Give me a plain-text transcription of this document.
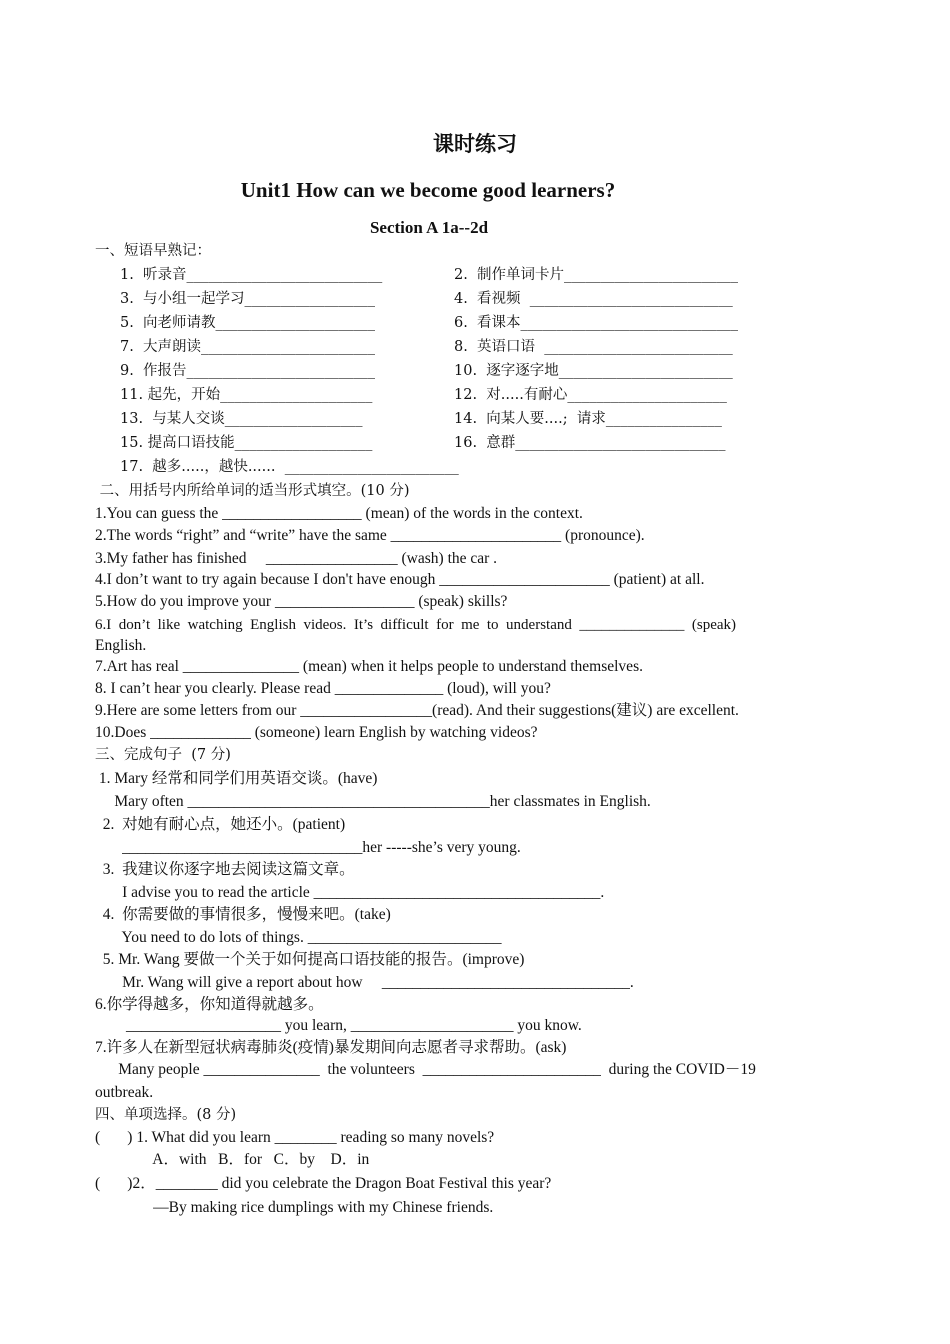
课时练习
Unit1 How can we become good learners?
Section A 1a--2d
一、短语早熟记：
1.  听录音___________________________	2.  制作单词卡片________________________
3.  与小组一起学习__________________	4.  看视频  ____________________________
5.  向老师请教______________________	6.  看课本______________________________
7.  大声朗读________________________	8.  英语口语  __________________________
9.  作报告__________________________	10.  逐字逐字地________________________
11. 起先，开始_____________________	12.  对.....有耐心______________________
13.  与某人交谈___________________	14.  向某人要....;  请求________________
15. 提高口语技能___________________	16.  意群_____________________________
17.  越多.....，越快......  ________________________
二、用括号内所给单词的适当形式填空。(10 分)
1.You can guess the __________________ (mean) of the words in the context.
2.The words “right” and “write” have the same ______________________ (pronounce).
3.My father has finished     _________________ (wash) the car .
4.I don’t want to try again because I don't have enough ______________________ (patient) at all.
5.How do you improve your __________________ (speak) skills?
6.I  don’t  like  watching  English  videos.  It’s  difficult  for  me  to  understand  ______________  (speak)
English.
7.Art has real _______________ (mean) when it helps people to understand themselves.
8. I can’t hear you clearly. Please read ______________ (loud), will you?
9.Here are some letters from our _________________(read). And their suggestions(建议) are excellent.
10.Does _____________ (someone) learn English by watching videos?
三、完成句子  (7 分)
1. Mary 经常和同学们用英语交谈。(have)
Mary often _______________________________________her classmates in English.
2.  对她有耐心点，她还小。(patient)
_______________________________her -----she’s very young.
3.  我建议你逐字地去阅读这篇文章。
I advise you to read the article _____________________________________.
4.  你需要做的事情很多，慢慢来吧。(take)
You need to do lots of things. _________________________
5. Mr. Wang 要做一个关于如何提高口语技能的报告。(improve)
Mr. Wang will give a report about how     ________________________________.
6.你学得越多，你知道得就越多。
____________________ you learn, _____________________ you know.
7.许多人在新型冠状病毒肺炎(疫情)暴发期间向志愿者寻求帮助。(ask)
Many people _______________  the volunteers  _______________________  during the COVID－19
outbreak.
四、单项选择。(8 分)
(       ) 1. What did you learn ________ reading so many novels?
A．with   B．for   C．by    D．in
(       )2．________ did you celebrate the Dragon Boat Festival this year?
—By making rice dumplings with my Chinese friends.
